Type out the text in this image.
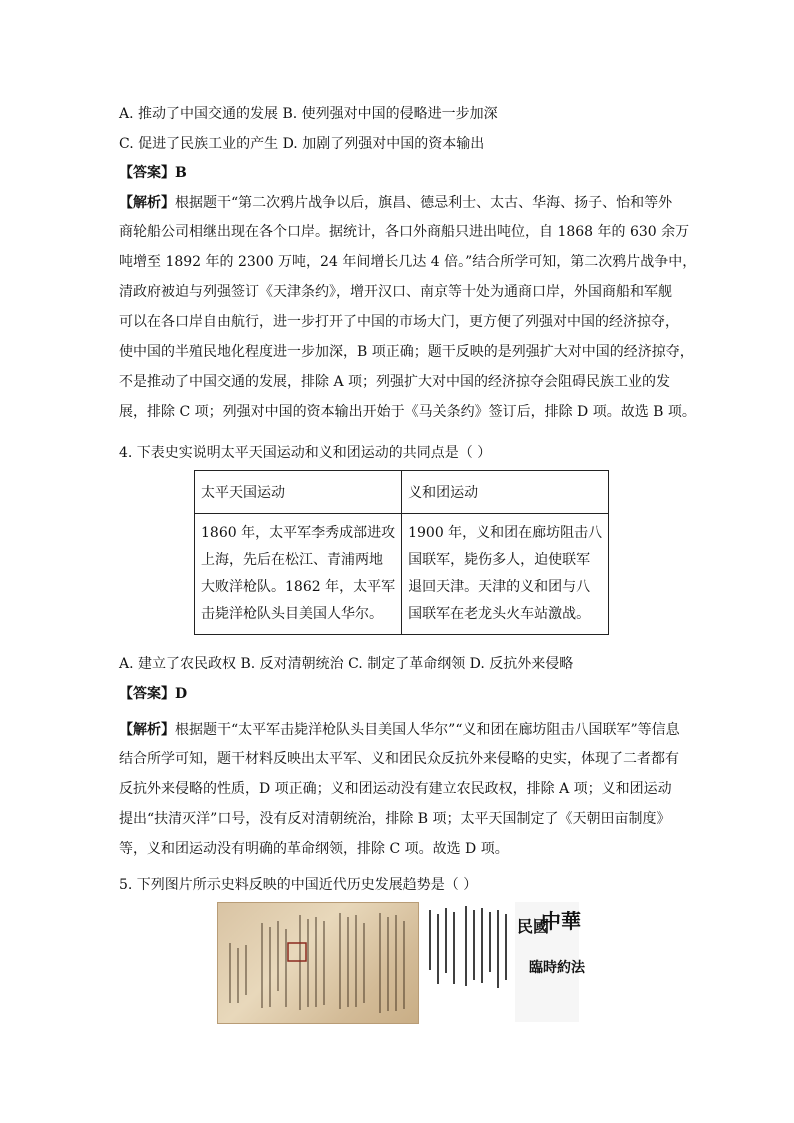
A. 推动了中国交通的发展 B. 使列强对中国的侵略进一步加深
C. 促进了民族工业的产生 D. 加剧了列强对中国的资本输出
【答案】B
【解析】根据题干“第二次鸦片战争以后，旗昌、德忌利士、太古、华海、扬子、怡和等外
商轮船公司相继出现在各个口岸。据统计，各口外商船只进出吨位，自 1868 年的 630 余万
吨增至 1892 年的 2300 万吨，24 年间增长几达 4 倍。”结合所学可知，第二次鸦片战争中，
清政府被迫与列强签订《天津条约》，增开汉口、南京等十处为通商口岸，外国商船和军舰
可以在各口岸自由航行，进一步打开了中国的市场大门，更方便了列强对中国的经济掠夺，
使中国的半殖民地化程度进一步加深，B 项正确；题干反映的是列强扩大对中国的经济掠夺，
不是推动了中国交通的发展，排除 A 项；列强扩大对中国的经济掠夺会阻碍民族工业的发
展，排除 C 项；列强对中国的资本输出开始于《马关条约》签订后，排除 D 项。故选 B 项。
4. 下表史实说明太平天国运动和义和团运动的共同点是（ ）
太平天国运动	义和团运动

1860 年，太平军李秀成部进攻
上海，先后在松江、青浦两地
大败洋枪队。1862 年，太平军
击毙洋枪队头目美国人华尔。	1900 年，义和团在廊坊阻击八
国联军，毙伤多人，迫使联军
退回天津。天津的义和团与八
国联军在老龙头火车站激战。
A. 建立了农民政权 B. 反对清朝统治 C. 制定了革命纲领 D. 反抗外来侵略
【答案】D
【解析】根据题干“太平军击毙洋枪队头目美国人华尔”“义和团在廊坊阻击八国联军”等信息
结合所学可知，题干材料反映出太平军、义和团民众反抗外来侵略的史实，体现了二者都有
反抗外来侵略的性质，D 项正确；义和团运动没有建立农民政权，排除 A 项；义和团运动
提出“扶清灭洋”口号，没有反对清朝统治，排除 B 项；太平天国制定了《天朝田亩制度》
等，义和团运动没有明确的革命纲领，排除 C 项。故选 D 项。
5. 下列图片所示史料反映的中国近代历史发展趋势是（ ）
中華
民國
臨時約法
